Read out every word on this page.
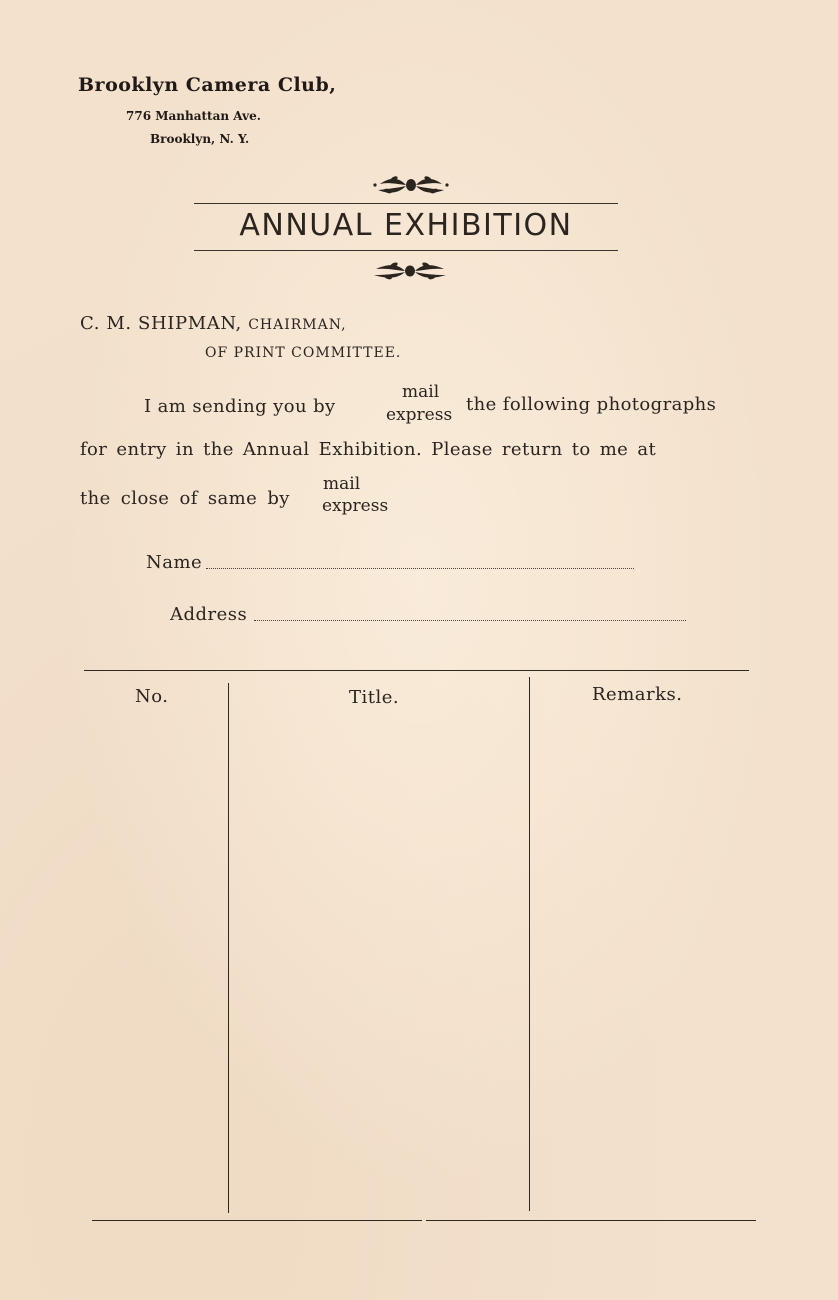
Brooklyn Camera Club,
776 Manhattan Ave.
Brooklyn, N. Y.
ANNUAL EXHIBITION
C. M. SHIPMAN, CHAIRMAN,
OF PRINT COMMITTEE.
I am sending you by
mail
express the following photographs
for entry in the Annual Exhibition. Please return to me at
the close of same by
mail
express
Name
Address
No.	Title.	Remarks.
